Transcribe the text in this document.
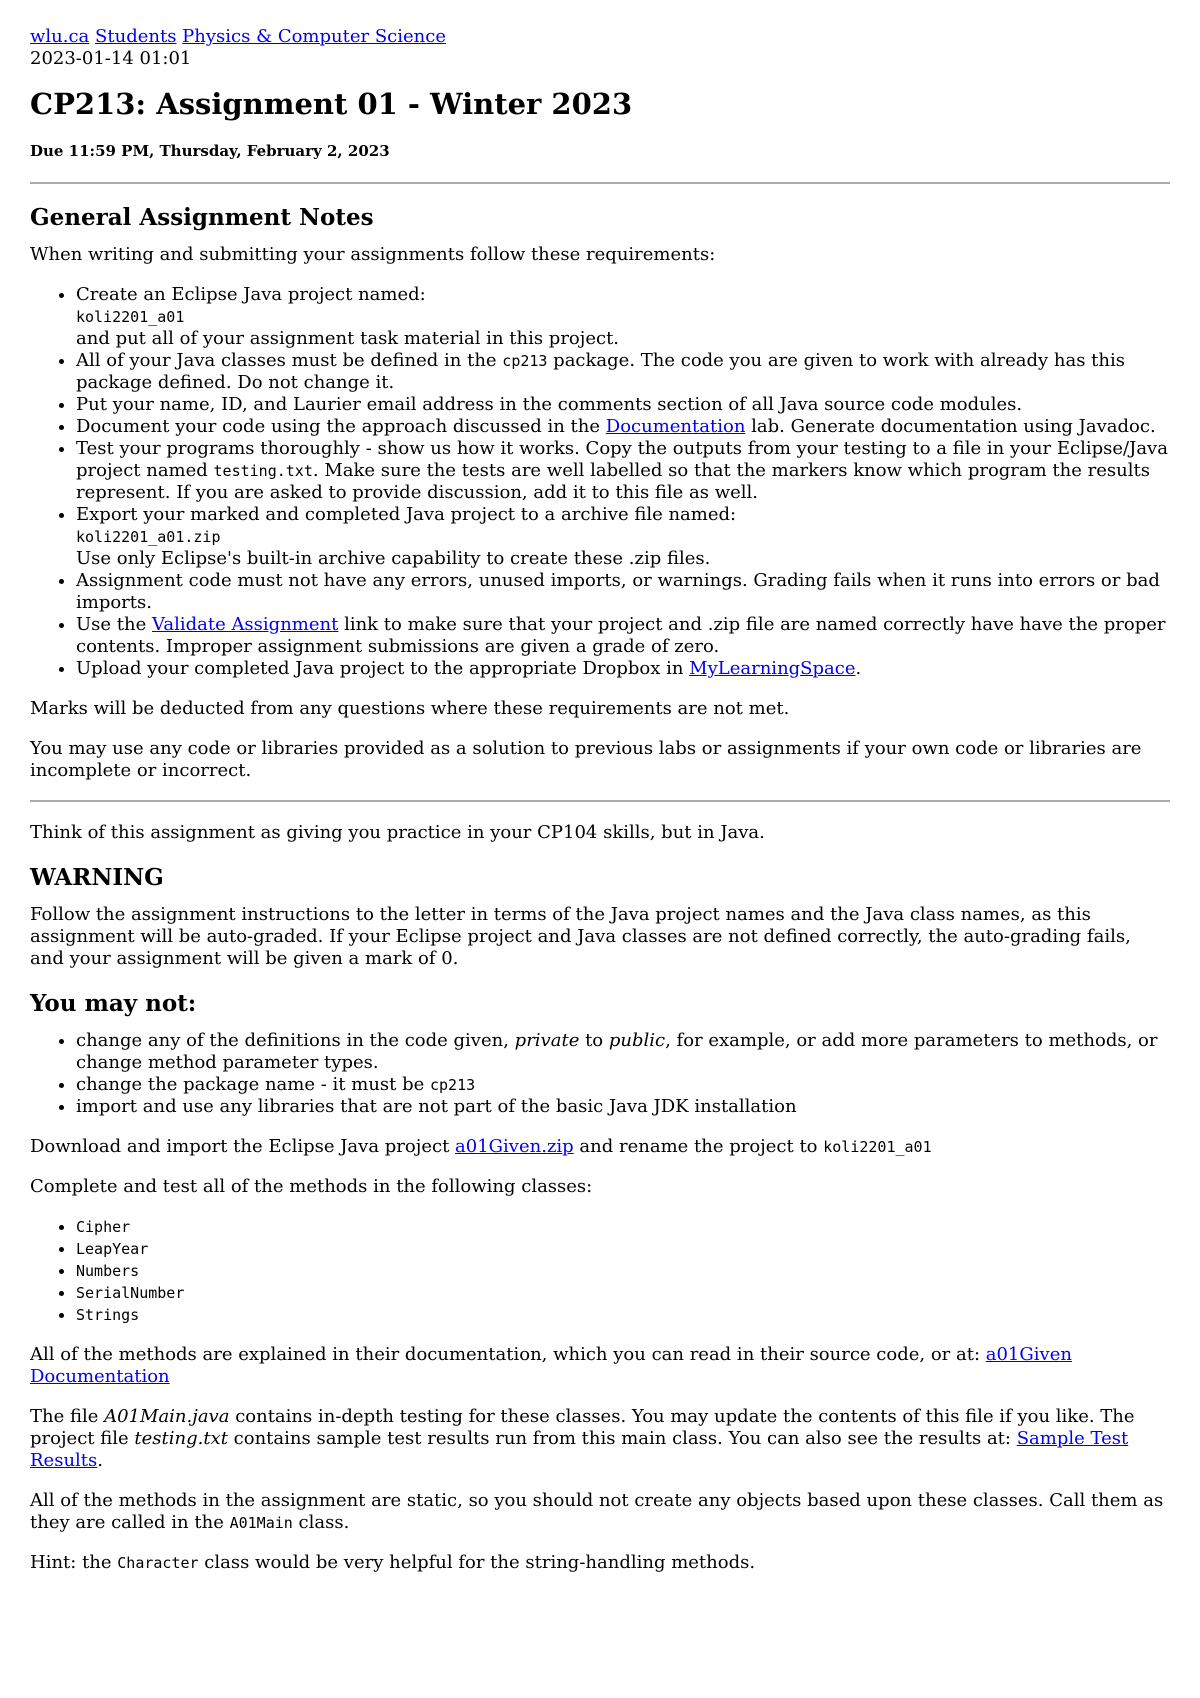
wlu.ca Students Physics & Computer Science
2023-01-14 01:01
CP213: Assignment 01 - Winter 2023
Due 11:59 PM, Thursday, February 2, 2023
General Assignment Notes

When writing and submitting your assignments follow these requirements:

• Create an Eclipse Java project named:
koli2201_a01
and put all of your assignment task material in this project.
• All of your Java classes must be defined in the cp213 package. The code you are given to work with already has this package defined. Do not change it.
• Put your name, ID, and Laurier email address in the comments section of all Java source code modules.
• Document your code using the approach discussed in the Documentation lab. Generate documentation using Javadoc.
• Test your programs thoroughly - show us how it works. Copy the outputs from your testing to a file in your Eclipse/Java project named testing.txt. Make sure the tests are well labelled so that the markers know which program the results represent. If you are asked to provide discussion, add it to this file as well.
• Export your marked and completed Java project to a archive file named:
koli2201_a01.zip
Use only Eclipse's built-in archive capability to create these .zip files.
• Assignment code must not have any errors, unused imports, or warnings. Grading fails when it runs into errors or bad imports.
• Use the Validate Assignment link to make sure that your project and .zip file are named correctly have have the proper contents. Improper assignment submissions are given a grade of zero.
• Upload your completed Java project to the appropriate Dropbox in MyLearningSpace.

Marks will be deducted from any questions where these requirements are not met.

You may use any code or libraries provided as a solution to previous labs or assignments if your own code or libraries are incomplete or incorrect.

Think of this assignment as giving you practice in your CP104 skills, but in Java.

WARNING

Follow the assignment instructions to the letter in terms of the Java project names and the Java class names, as this assignment will be auto-graded. If your Eclipse project and Java classes are not defined correctly, the auto-grading fails, and your assignment will be given a mark of 0.

You may not:
• change any of the definitions in the code given, private to public, for example, or add more parameters to methods, or change method parameter types.
• change the package name - it must be cp213
• import and use any libraries that are not part of the basic Java JDK installation

Download and import the Eclipse Java project a01Given.zip and rename the project to koli2201_a01

Complete and test all of the methods in the following classes:

• Cipher
• LeapYear
• Numbers
• SerialNumber
• Strings

All of the methods are explained in their documentation, which you can read in their source code, or at: a01Given Documentation

The file A01Main.java contains in-depth testing for these classes. You may update the contents of this file if you like. The project file testing.txt contains sample test results run from this main class. You can also see the results at: Sample Test Results.

All of the methods in the assignment are static, so you should not create any objects based upon these classes. Call them as they are called in the A01Main class.

Hint: the Character class would be very helpful for the string-handling methods.
